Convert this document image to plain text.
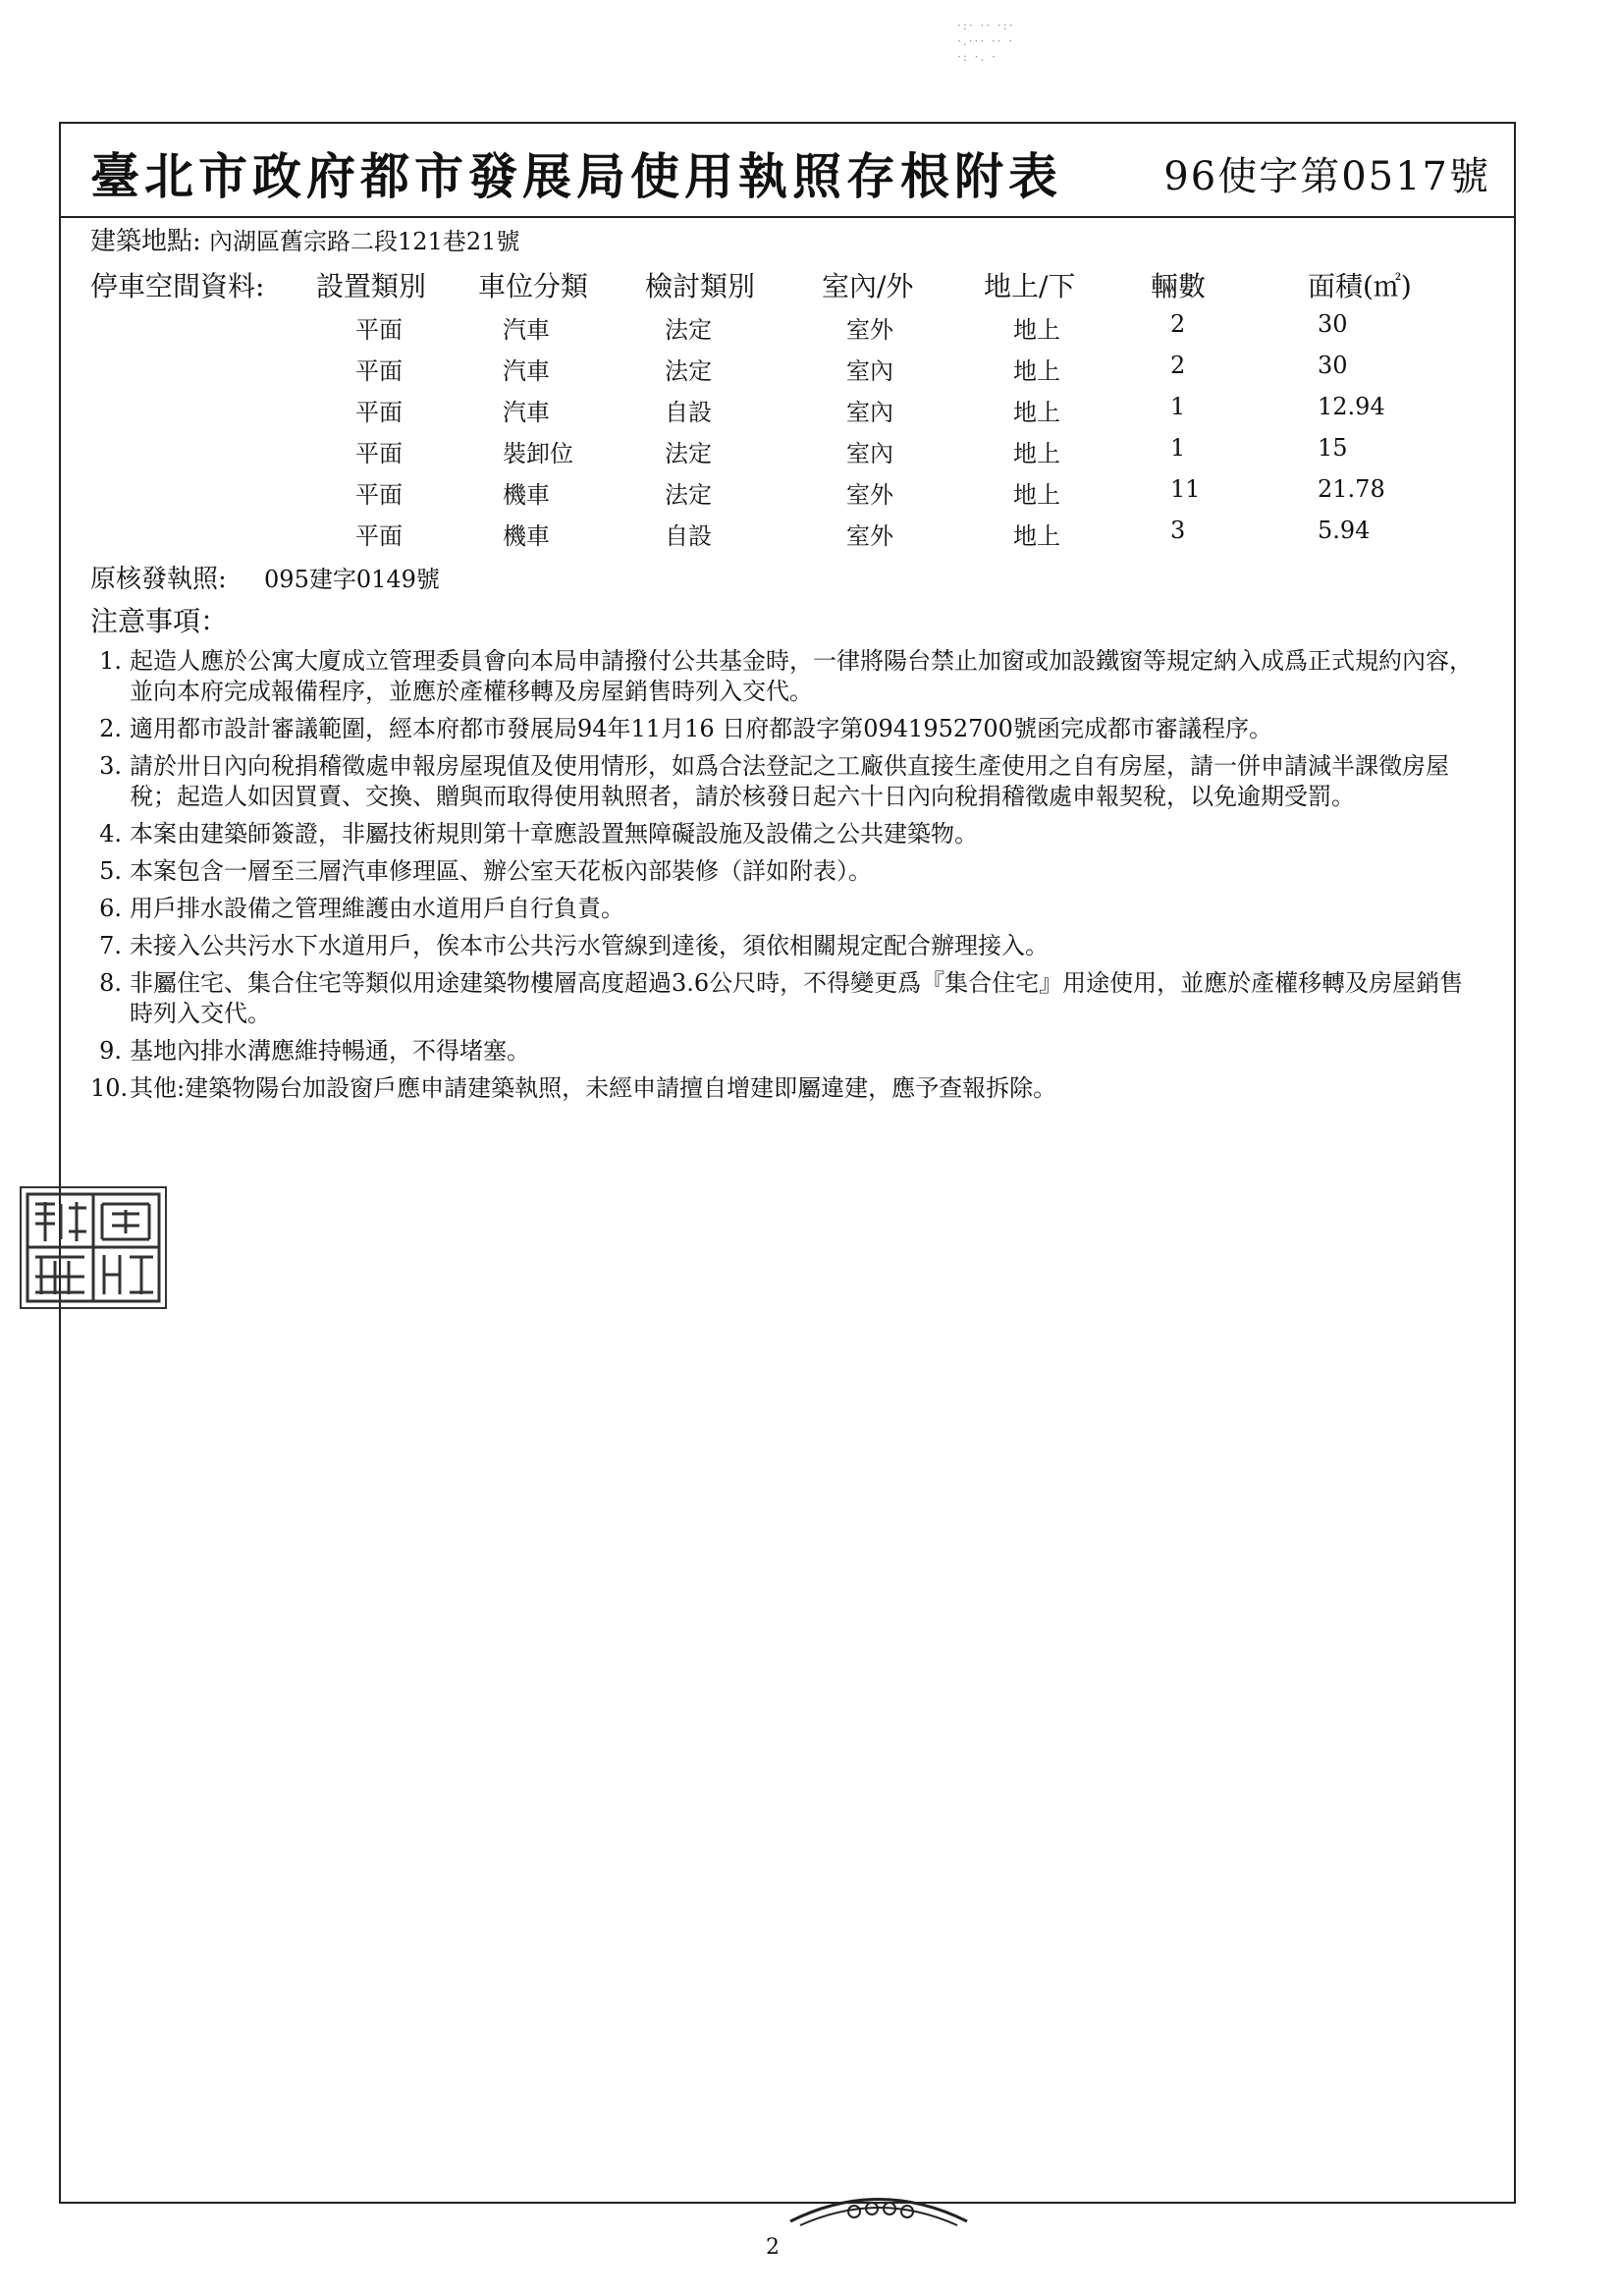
·:· ·· ·:·
·.··· ·· ·
·: ·. ·
臺北市政府都市發展局使用執照存根附表	96使字第0517號
建築地點: 內湖區舊宗路二段121巷21號
停車空間資料: 設置類別 車位分類 檢討類別 室內/外	地上/下	輛數	面積(㎡)
平面	汽車	法定	室外	地上	2	30
平面	汽車	法定	室內	地上	2	30
平面	汽車	自設	室內	地上	1	12.94
平面	裝卸位	法定	室內	地上	1	15
平面	機車	法定	室外	地上	11	21.78
平面	機車	自設	室外	地上	3	5.94
原核發執照: 095建字0149號
注意事項：
1. 起造人應於公寓大廈成立管理委員會向本局申請撥付公共基金時，一律將陽台禁止加窗或加設鐵窗等規定納入成爲正式規約內容，並向本府完成報備程序，並應於產權移轉及房屋銷售時列入交代。
2. 適用都市設計審議範圍，經本府都市發展局94年11月16 日府都設字第0941952700號函完成都市審議程序。
3. 請於卅日內向稅捐稽徵處申報房屋現值及使用情形，如爲合法登記之工廠供直接生產使用之自有房屋，請一併申請減半課徵房屋稅；起造人如因買賣、交換、贈與而取得使用執照者，請於核發日起六十日內向稅捐稽徵處申報契稅，以免逾期受罰。
4. 本案由建築師簽證，非屬技術規則第十章應設置無障礙設施及設備之公共建築物。
5. 本案包含一層至三層汽車修理區、辦公室天花板內部裝修（詳如附表）。
6. 用戶排水設備之管理維護由水道用戶自行負責。
7. 未接入公共污水下水道用戶，俟本市公共污水管線到達後，須依相關規定配合辦理接入。
8. 非屬住宅、集合住宅等類似用途建築物樓層高度超過3.6公尺時，不得變更爲『集合住宅』用途使用，並應於產權移轉及房屋銷售時列入交代。
9. 基地內排水溝應維持暢通，不得堵塞。
10. 其他:建築物陽台加設窗戶應申請建築執照，未經申請擅自增建即屬違建，應予查報拆除。
2
